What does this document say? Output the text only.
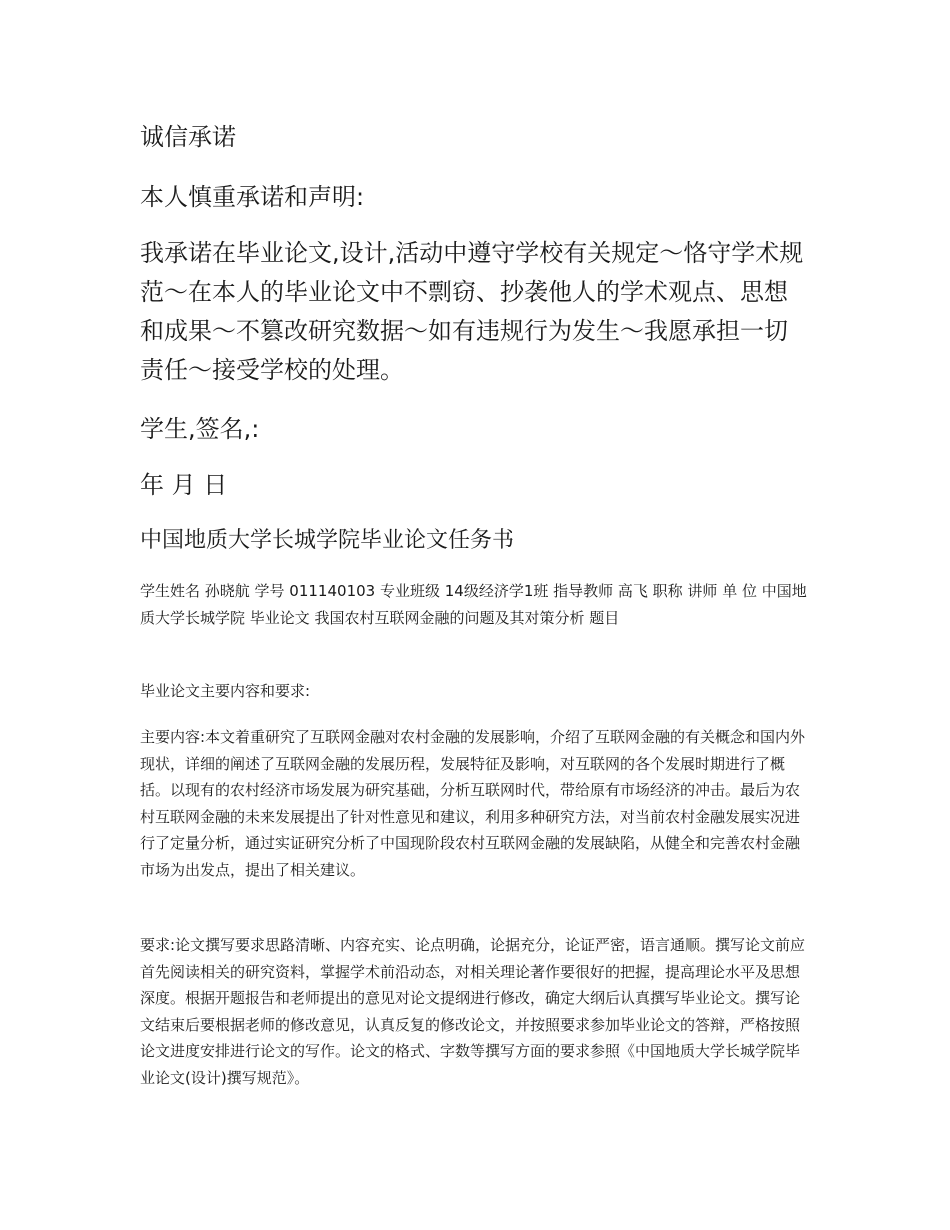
诚信承诺

本人慎重承诺和声明:

我承诺在毕业论文,设计,活动中遵守学校有关规定～恪守学术规范～在本人的毕业论文中不剽窃、抄袭他人的学术观点、思想和成果～不篡改研究数据～如有违规行为发生～我愿承担一切责任～接受学校的处理。

学生,签名,:

年 月 日

中国地质大学长城学院毕业论文任务书

学生姓名 孙晓航 学号 011140103 专业班级 14级经济学1班 指导教师 高飞 职称 讲师 单 位 中国地质大学长城学院 毕业论文 我国农村互联网金融的问题及其对策分析 题目

毕业论文主要内容和要求:

主要内容:本文着重研究了互联网金融对农村金融的发展影响，介绍了互联网金融的有关概念和国内外现状，详细的阐述了互联网金融的发展历程，发展特征及影响，对互联网的各个发展时期进行了概括。以现有的农村经济市场发展为研究基础，分析互联网时代，带给原有市场经济的冲击。最后为农村互联网金融的未来发展提出了针对性意见和建议，利用多种研究方法，对当前农村金融发展实况进行了定量分析，通过实证研究分析了中国现阶段农村互联网金融的发展缺陷，从健全和完善农村金融市场为出发点，提出了相关建议。

要求:论文撰写要求思路清晰、内容充实、论点明确，论据充分，论证严密，语言通顺。撰写论文前应首先阅读相关的研究资料，掌握学术前沿动态，对相关理论著作要很好的把握，提高理论水平及思想深度。根据开题报告和老师提出的意见对论文提纲进行修改，确定大纲后认真撰写毕业论文。撰写论文结束后要根据老师的修改意见，认真反复的修改论文，并按照要求参加毕业论文的答辩，严格按照论文进度安排进行论文的写作。论文的格式、字数等撰写方面的要求参照《中国地质大学长城学院毕业论文(设计)撰写规范》。
